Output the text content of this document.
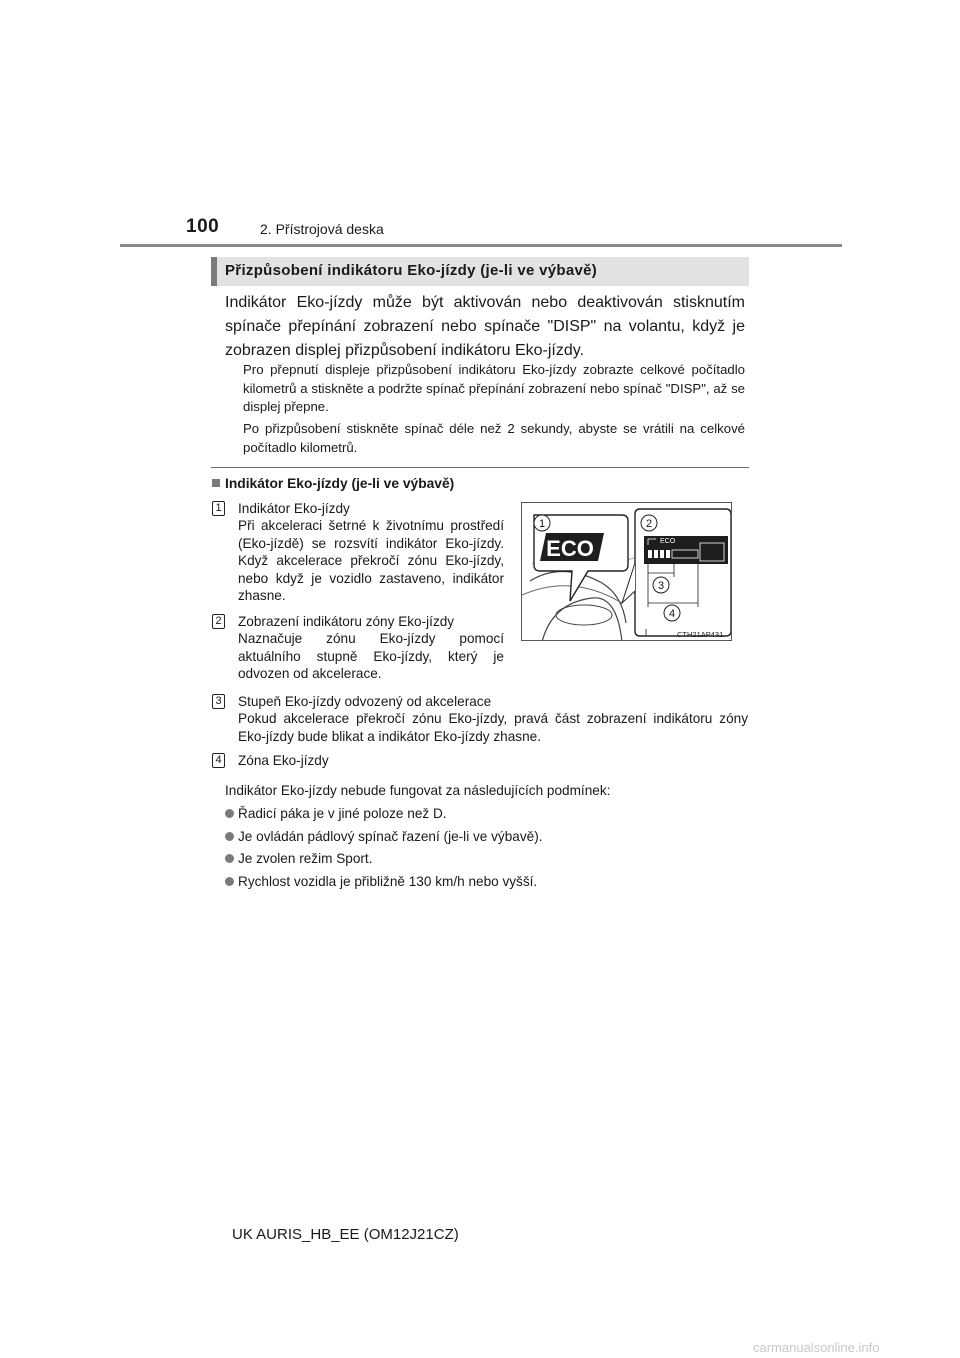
100	2. Přístrojová deska
Přizpůsobení indikátoru Eko-jízdy (je-li ve výbavě)

Indikátor Eko-jízdy může být aktivován nebo deaktivován stisknutím spínače přepínání zobrazení nebo spínače "DISP" na volantu, když je zobrazen displej přizpůsobení indikátoru Eko-jízdy.

Pro přepnutí displeje přizpůsobení indikátoru Eko-jízdy zobrazte celkové počítadlo kilometrů a stiskněte a podržte spínač přepínání zobrazení nebo spínač "DISP", až se displej přepne.

Po přizpůsobení stiskněte spínač déle než 2 sekundy, abyste se vrátili na celkové počítadlo kilometrů.

Indikátor Eko-jízdy (je-li ve výbavě)
1 Indikátor Eko-jízdy
Při akceleraci šetrné k životnímu prostředí (Eko-jízdě) se rozsvítí indikátor Eko-jízdy. Když akcelerace překročí zónu Eko-jízdy, nebo když je vozidlo zastaveno, indikátor zhasne.
2 Zobrazení indikátoru zóny Eko-jízdy
Naznačuje zónu Eko-jízdy pomocí aktuálního stupně Eko-jízdy, který je odvozen od akcelerace.
ECO
1	2
ECO
3
4
CTH21AP431
3 Stupeň Eko-jízdy odvozený od akcelerace
Pokud akcelerace překročí zónu Eko-jízdy, pravá část zobrazení indikátoru zóny Eko-jízdy bude blikat a indikátor Eko-jízdy zhasne.
4 Zóna Eko-jízdy
Indikátor Eko-jízdy nebude fungovat za následujících podmínek:
Řadicí páka je v jiné poloze než D.
Je ovládán pádlový spínač řazení (je-li ve výbavě).
Je zvolen režim Sport.
Rychlost vozidla je přibližně 130 km/h nebo vyšší.
UK AURIS_HB_EE (OM12J21CZ)
carmanualsonline.info
